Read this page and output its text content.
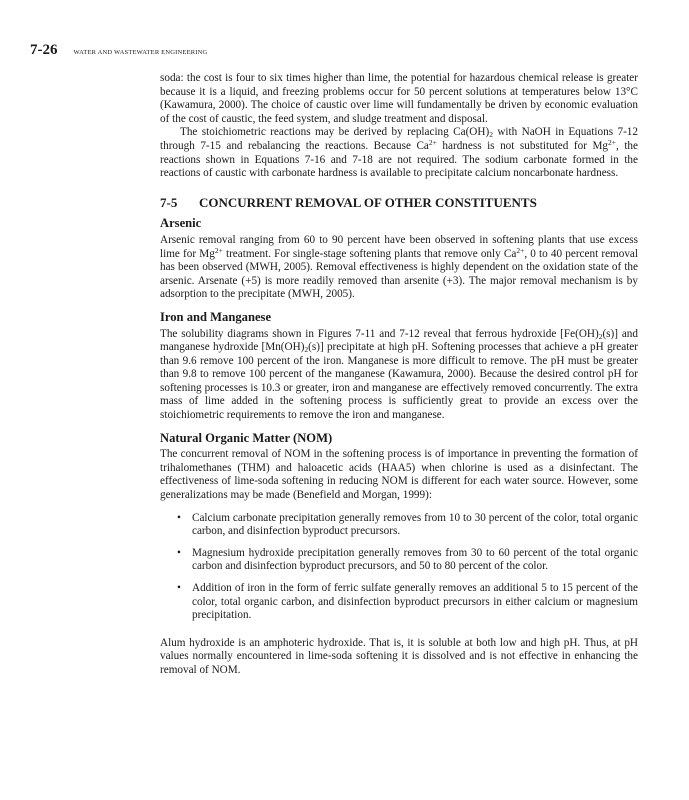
7-26 WATER AND WASTEWATER ENGINEERING

soda: the cost is four to six times higher than lime, the potential for hazardous chemical release is greater because it is a liquid, and freezing problems occur for 50 percent solutions at temperatures below 13°C (Kawamura, 2000). The choice of caustic over lime will fundamentally be driven by economic evaluation of the cost of caustic, the feed system, and sludge treatment and disposal.

The stoichiometric reactions may be derived by replacing $Ca(OH)_2$ with NaOH in Equations 7-12 through 7-15 and rebalancing the reactions. Because $Ca^{2+}$ hardness is not substituted for $Mg^{2+}$, the reactions shown in Equations 7-16 and 7-18 are not required. The sodium carbonate formed in the reactions of caustic with carbonate hardness is available to precipitate calcium noncarbonate hardness.

7-5	CONCURRENT REMOVAL OF OTHER CONSTITUENTS
Arsenic

Arsenic removal ranging from 60 to 90 percent have been observed in softening plants that use excess lime for $Mg^{2+}$ treatment. For single-stage softening plants that remove only $Ca^{2+}$, 0 to 40 percent removal has been observed (MWH, 2005). Removal effectiveness is highly dependent on the oxidation state of the arsenic. Arsenate (+5) is more readily removed than arsenite (+3). The major removal mechanism is by adsorption to the precipitate (MWH, 2005).

Iron and Manganese

The solubility diagrams shown in Figures 7-11 and 7-12 reveal that ferrous hydroxide $[Fe(OH)_2(s)]$ and manganese hydroxide $[Mn(OH)_2(s)]$ precipitate at high pH. Softening processes that achieve a pH greater than 9.6 remove 100 percent of the iron. Manganese is more difficult to remove. The pH must be greater than 9.8 to remove 100 percent of the manganese (Kawamura, 2000). Because the desired control pH for softening processes is 10.3 or greater, iron and manganese are effectively removed concurrently. The extra mass of lime added in the softening process is sufficiently great to provide an excess over the stoichiometric requirements to remove the iron and manganese.

Natural Organic Matter (NOM)

The concurrent removal of NOM in the softening process is of importance in preventing the formation of trihalomethanes (THM) and haloacetic acids (HAA5) when chlorine is used as a disinfectant. The effectiveness of lime-soda softening in reducing NOM is different for each water source. However, some generalizations may be made (Benefield and Morgan, 1999):

• Calcium carbonate precipitation generally removes from 10 to 30 percent of the color, total organic carbon, and disinfection byproduct precursors.
• Magnesium hydroxide precipitation generally removes from 30 to 60 percent of the total organic carbon and disinfection byproduct precursors, and 50 to 80 percent of the color.
• Addition of iron in the form of ferric sulfate generally removes an additional 5 to 15 percent of the color, total organic carbon, and disinfection byproduct precursors in either calcium or magnesium precipitation.

Alum hydroxide is an amphoteric hydroxide. That is, it is soluble at both low and high pH. Thus, at pH values normally encountered in lime-soda softening it is dissolved and is not effective in enhancing the removal of NOM.
